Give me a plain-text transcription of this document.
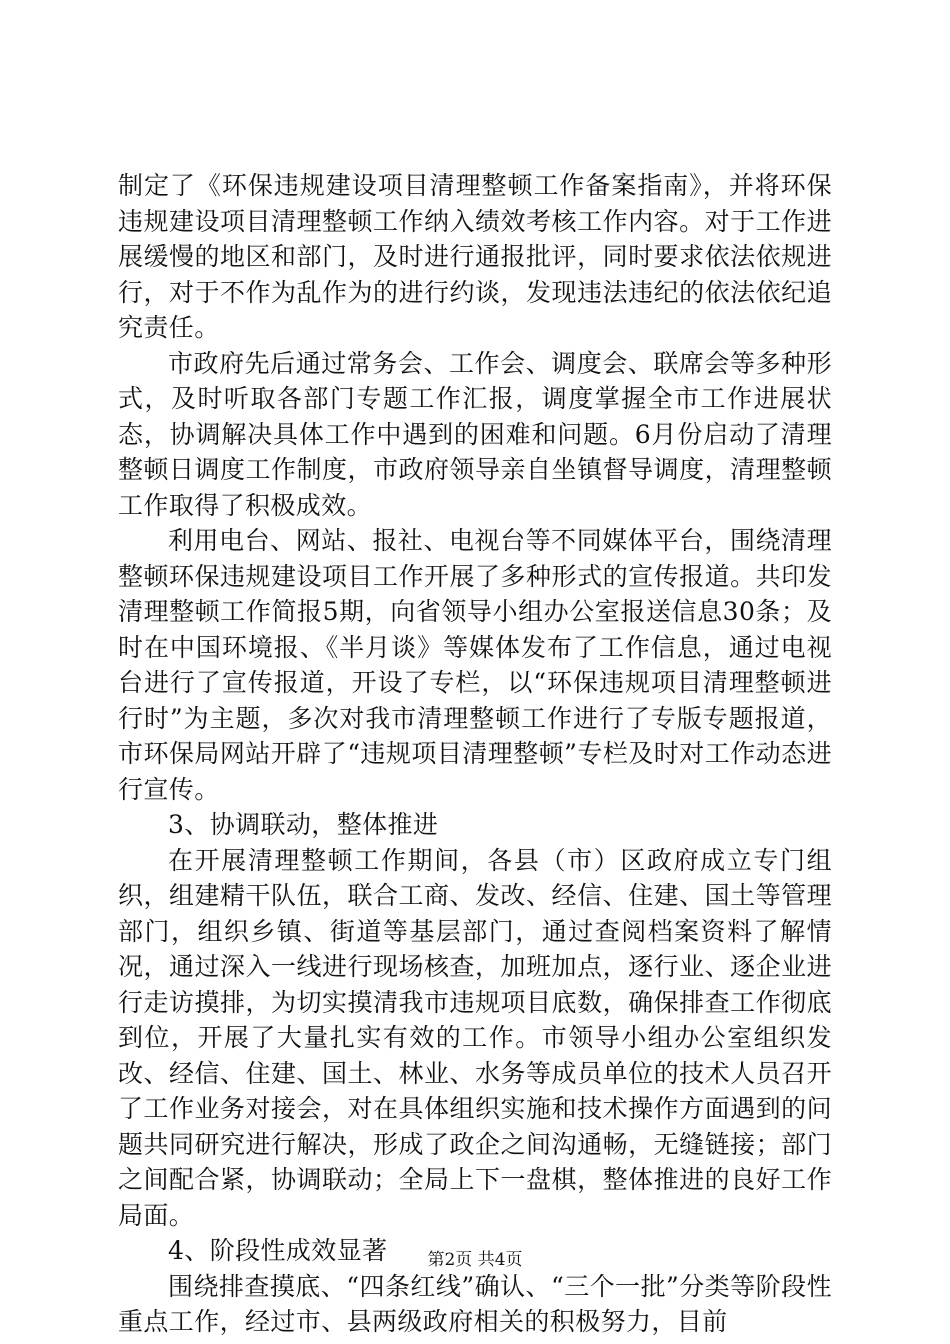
制定了《环保违规建设项目清理整顿工作备案指南》，并将环保违规建设项目清理整顿工作纳入绩效考核工作内容。对于工作进展缓慢的地区和部门，及时进行通报批评，同时要求依法依规进行，对于不作为乱作为的进行约谈，发现违法违纪的依法依纪追究责任。

市政府先后通过常务会、工作会、调度会、联席会等多种形式，及时听取各部门专题工作汇报，调度掌握全市工作进展状态，协调解决具体工作中遇到的困难和问题。6月份启动了清理整顿日调度工作制度，市政府领导亲自坐镇督导调度，清理整顿工作取得了积极成效。

利用电台、网站、报社、电视台等不同媒体平台，围绕清理整顿环保违规建设项目工作开展了多种形式的宣传报道。共印发清理整顿工作简报5期，向省领导小组办公室报送信息30条；及时在中国环境报、《半月谈》等媒体发布了工作信息，通过电视台进行了宣传报道，开设了专栏，以“环保违规项目清理整顿进行时”为主题，多次对我市清理整顿工作进行了专版专题报道，市环保局网站开辟了“违规项目清理整顿”专栏及时对工作动态进行宣传。

3、协调联动，整体推进

在开展清理整顿工作期间，各县（市）区政府成立专门组织，组建精干队伍，联合工商、发改、经信、住建、国土等管理部门，组织乡镇、街道等基层部门，通过查阅档案资料了解情况，通过深入一线进行现场核查，加班加点，逐行业、逐企业进行走访摸排，为切实摸清我市违规项目底数，确保排查工作彻底到位，开展了大量扎实有效的工作。市领导小组办公室组织发改、经信、住建、国土、林业、水务等成员单位的技术人员召开了工作业务对接会，对在具体组织实施和技术操作方面遇到的问题共同研究进行解决，形成了政企之间沟通畅，无缝链接；部门之间配合紧，协调联动；全局上下一盘棋，整体推进的良好工作局面。

4、阶段性成效显著

围绕排查摸底、“四条红线”确认、“三个一批”分类等阶段性重点工作，经过市、县两级政府相关的积极努力，目前

第2页 共4页
